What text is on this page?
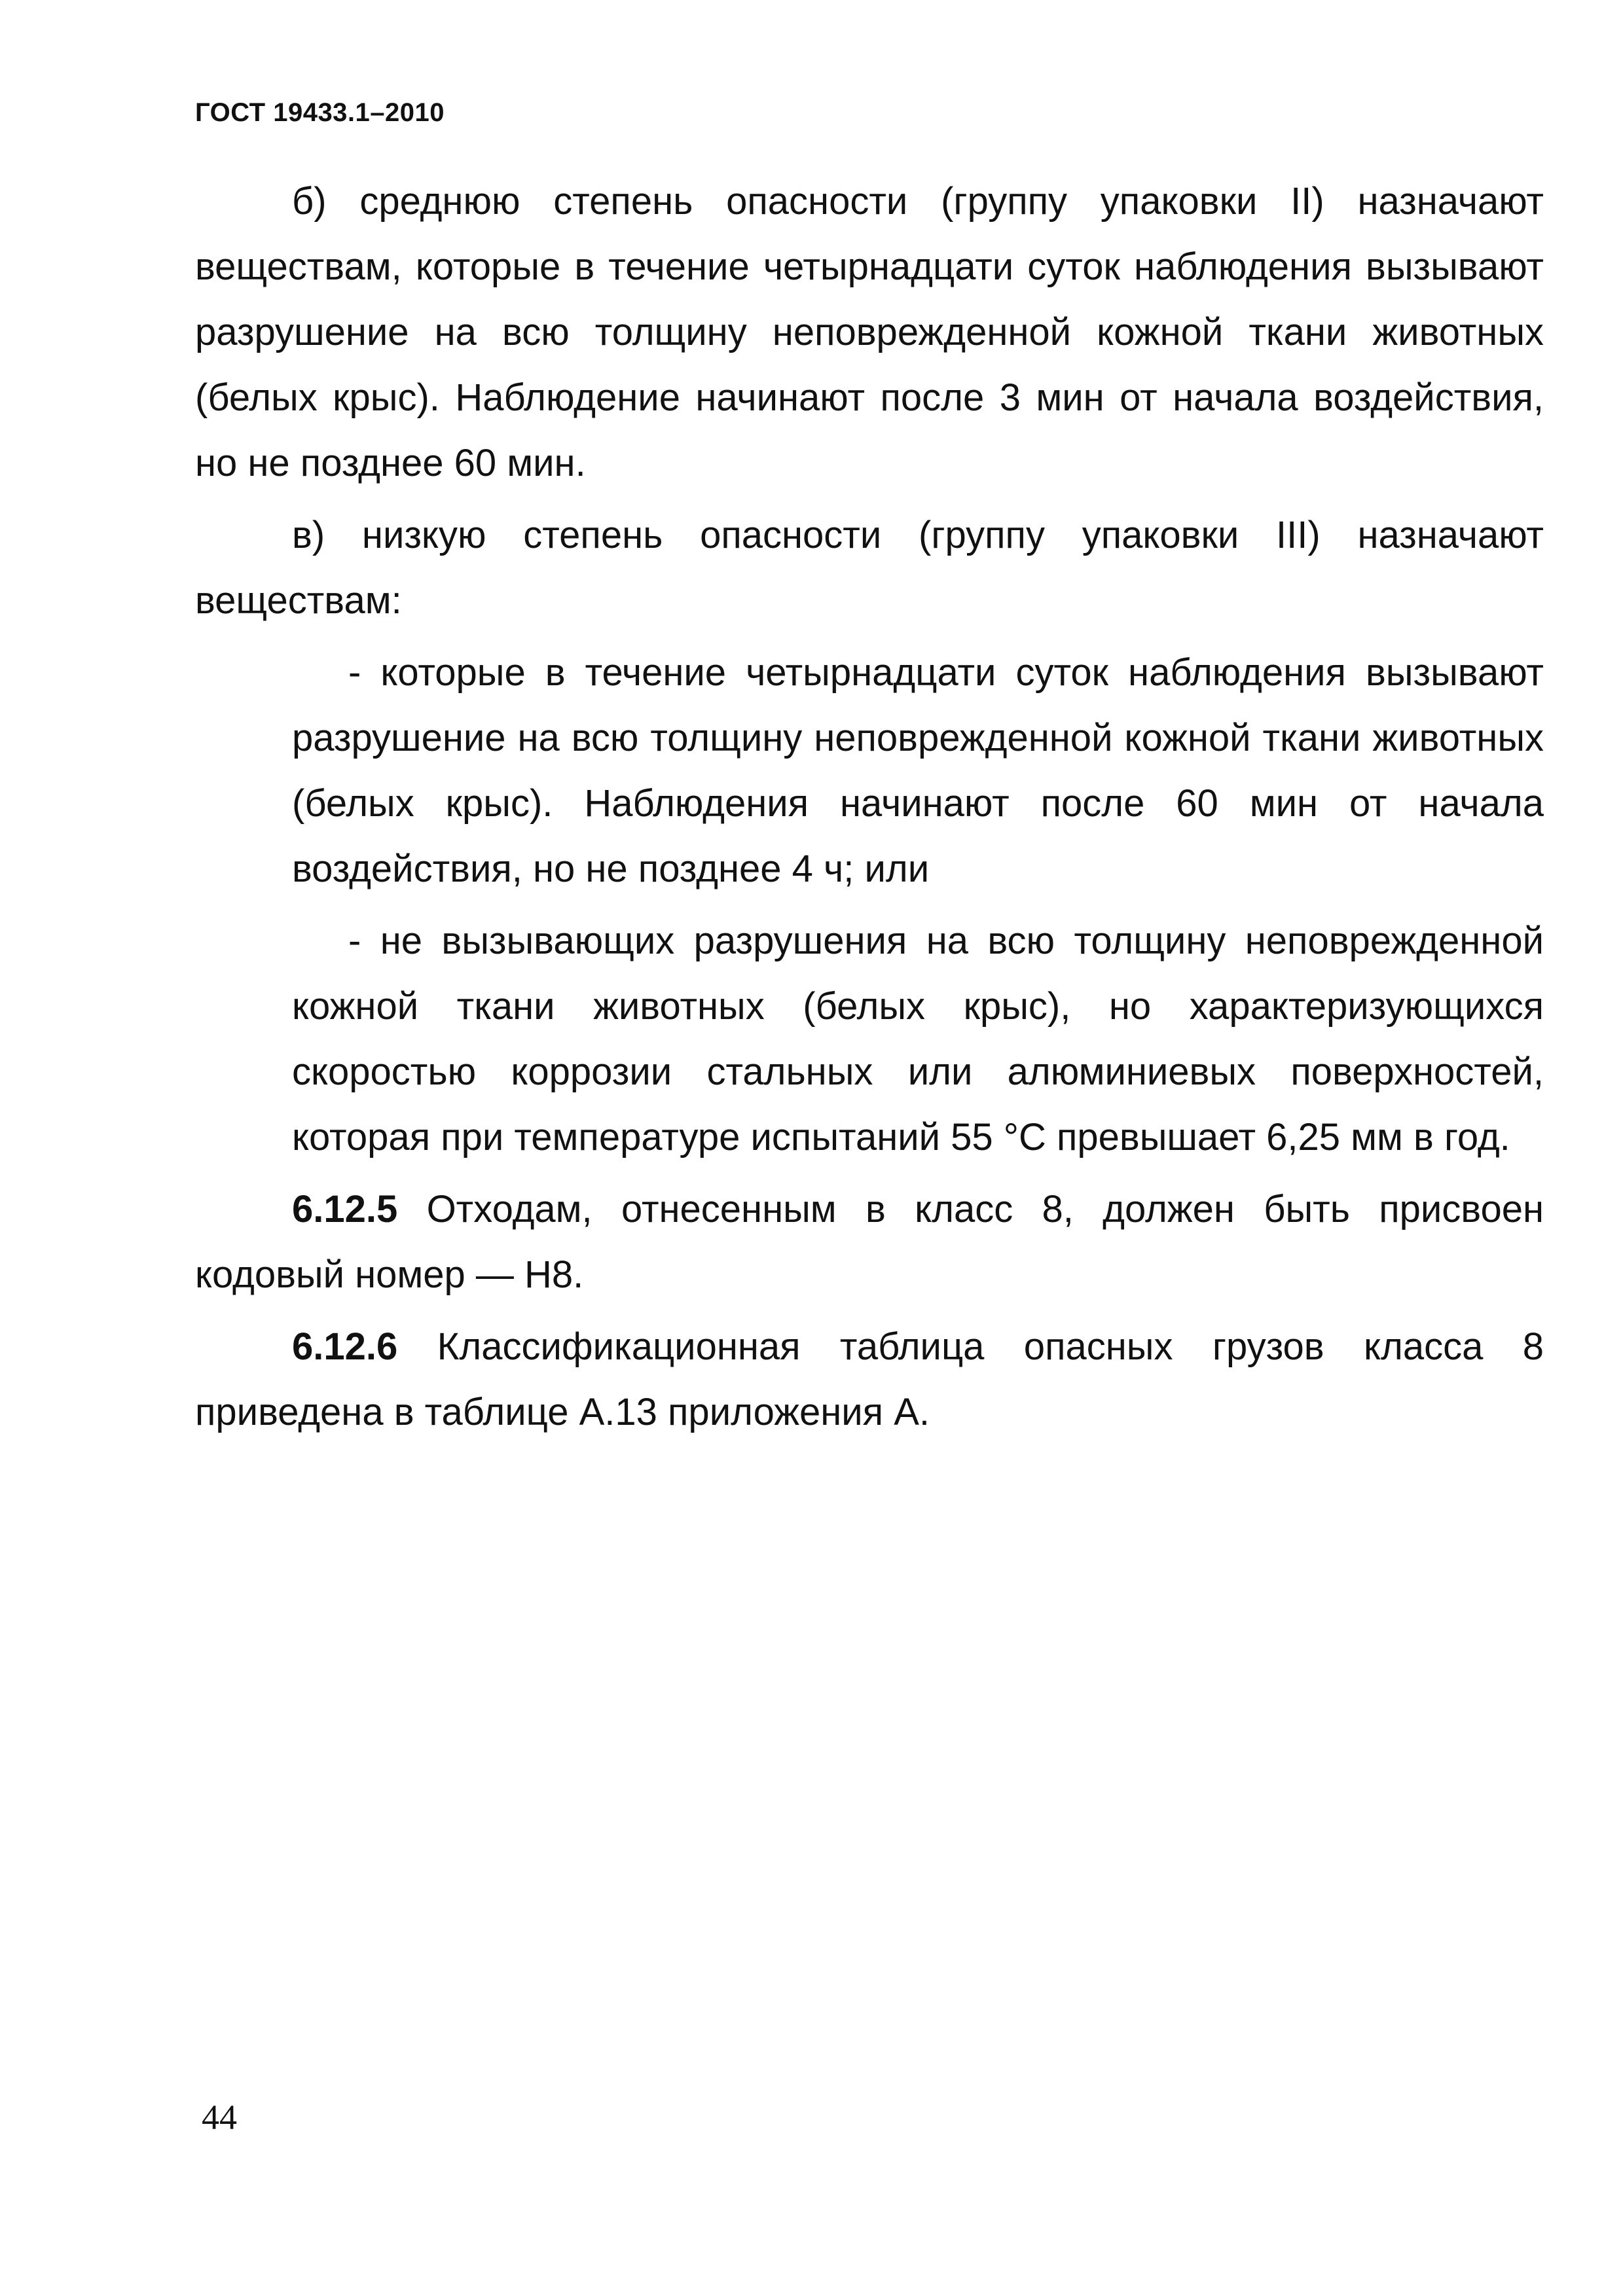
ГОСТ 19433.1–2010

б) среднюю степень опасности (группу упаковки II) назначают веществам, которые в течение четырнадцати суток наблюдения вызывают разрушение на всю толщину неповрежденной кожной ткани животных (белых крыс). Наблюдение начинают после 3 мин от начала воздействия, но не позднее 60 мин.

в) низкую степень опасности (группу упаковки III) назначают веществам:

- которые в течение четырнадцати суток наблюдения вызывают разрушение на всю толщину неповрежденной кожной ткани животных (белых крыс). Наблюдения начинают после 60 мин от начала воздействия, но не позднее 4 ч; или

- не вызывающих разрушения на всю толщину неповрежденной кожной ткани животных (белых крыс), но характеризующихся скоростью коррозии стальных или алюминиевых поверхностей, которая при температуре испытаний 55 °С превышает 6,25 мм в год.

6.12.5 Отходам, отнесенным в класс 8, должен быть присвоен кодовый номер — Н8.

6.12.6 Классификационная таблица опасных грузов класса 8 приведена в таблице А.13 приложения А.

44
